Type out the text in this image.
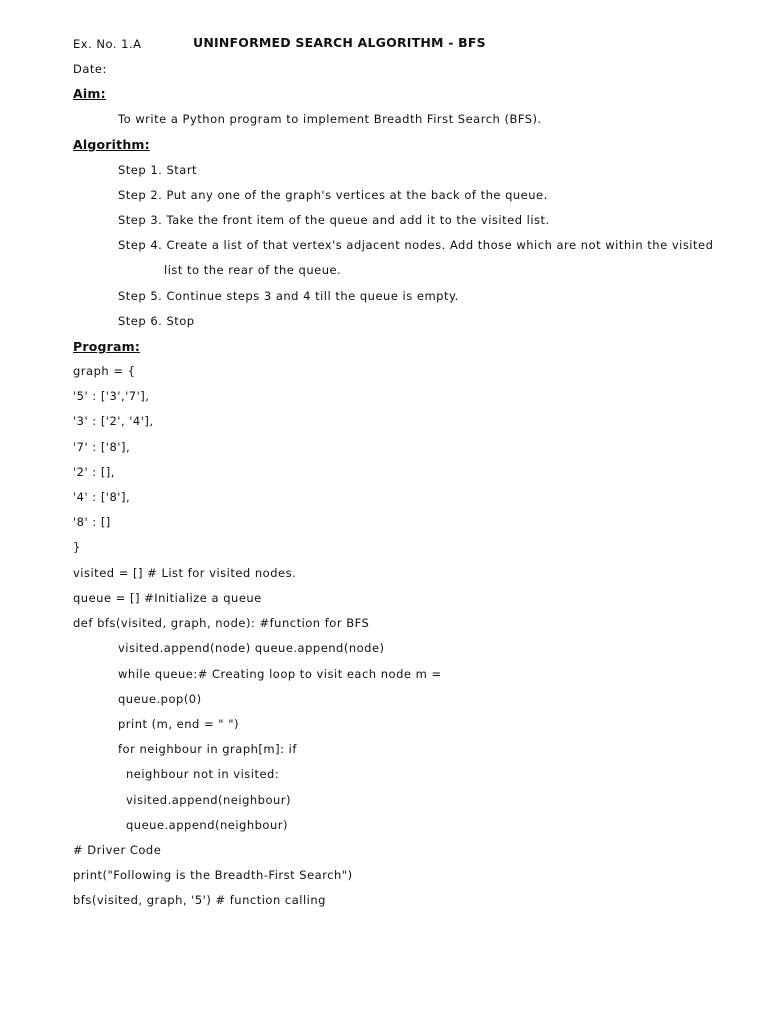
Ex. No. 1.A	UNINFORMED SEARCH ALGORITHM - BFS
Date:
Aim:
To write a Python program to implement Breadth First Search (BFS).
Algorithm:
Step 1. Start
Step 2. Put any one of the graph's vertices at the back of the queue.
Step 3. Take the front item of the queue and add it to the visited list.
Step 4. Create a list of that vertex's adjacent nodes. Add those which are not within the visited
list to the rear of the queue.
Step 5. Continue steps 3 and 4 till the queue is empty.
Step 6. Stop
Program:
graph = {
'5' : ['3','7'],
'3' : ['2', '4'],
'7' : ['8'],
'2' : [],
'4' : ['8'],
'8' : []
}
visited = [] # List for visited nodes.
queue = [] #Initialize a queue
def bfs(visited, graph, node): #function for BFS
visited.append(node) queue.append(node)
while queue:# Creating loop to visit each node m =
queue.pop(0)
print (m, end = " ")
for neighbour in graph[m]: if
neighbour not in visited:
visited.append(neighbour)
queue.append(neighbour)
# Driver Code
print("Following is the Breadth-First Search")
bfs(visited, graph, '5') # function calling
